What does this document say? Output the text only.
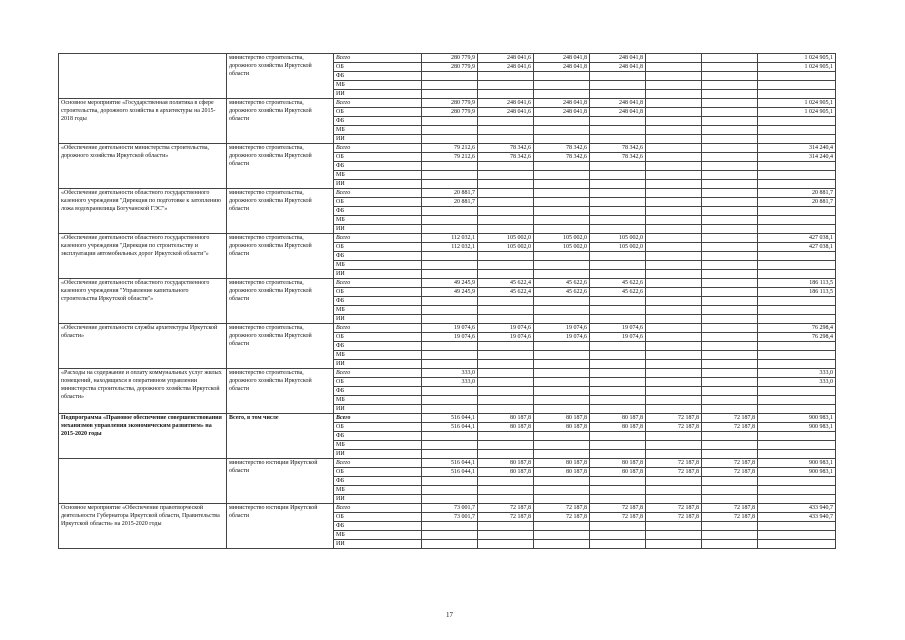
	министерство строительства, дорожного хозяйства Иркутской области	Всего	280 779,9	248 041,6	248 041,8	248 041,8			1 024 905,1
		ОБ	280 779,9	248 041,6	248 041,8	248 041,8			1 024 905,1
		ФБ							
		МБ							
		ИИ							
Основное мероприятие «Государственная политика в сфере строительства, дорожного хозяйства в архитектуры на 2015-2018 годы	министерство строительства, дорожного хозяйства Иркутской области	Всего	280 779,9	248 041,6	248 041,8	248 041,8			1 024 905,1
		ОБ	280 779,9	248 041,6	248 041,8	248 041,8			1 024 905,1
		ФБ							
		МБ							
		ИИ							
«Обеспечение деятельности министерства строительства, дорожного хозяйства Иркутской области»	министерство строительства, дорожного хозяйства Иркутской области	Всего	79 212,6	78 342,6	78 342,6	78 342,6			314 240,4
		ОБ	79 212,6	78 342,6	78 342,6	78 342,6			314 240,4
		ФБ							
		МБ							
		ИИ							
«Обеспечение деятельности областного государственного казенного учреждения "Дирекция по подготовке к затоплению ложа водохранилища Богучанской ГЭС"»	министерство строительства, дорожного хозяйства Иркутской области	Всего	20 881,7						20 881,7
		ОБ	20 881,7						20 881,7
		ФБ							
		МБ							
		ИИ							
«Обеспечение деятельности областного государственного казенного учреждения "Дирекция по строительству и эксплуатации автомобильных дорог Иркутской области"»	министерство строительства, дорожного хозяйства Иркутской области	Всего	112 032,1	105 002,0	105 002,0	105 002,0			427 038,1
		ОБ	112 032,1	105 002,0	105 002,0	105 002,0			427 038,1
		ФБ							
		МБ							
		ИИ							
«Обеспечение деятельности областного государственного казенного учреждения "Управление капитального строительства Иркутской области"»	министерство строительства, дорожного хозяйства Иркутской области	Всего	49 245,9	45 622,4	45 622,6	45 622,6			186 113,5
		ОБ	49 245,9	45 622,4	45 622,6	45 622,6			186 113,5
		ФБ							
		МБ							
		ИИ							
«Обеспечение деятельности службы архитектуры Иркутской области»	министерство строительства, дорожного хозяйства Иркутской области	Всего	19 074,6	19 074,6	19 074,6	19 074,6			76 298,4
		ОБ	19 074,6	19 074,6	19 074,6	19 074,6			76 298,4
		ФБ							
		МБ							
		ИИ							
«Расходы на содержание и оплату коммунальных услуг жилых помещений, находящихся в оперативном управлении министерства строительства, дорожного хозяйства Иркутской области»	министерство строительства, дорожного хозяйства Иркутской области	Всего	333,0						333,0
		ОБ	333,0						333,0
		ФБ							
		МБ							
		ИИ							
Подпрограмма «Правовое обеспечение совершенствования механизмов управления экономическим развитием» на 2015-2020 годы	Всего, в том числе	Всего	516 044,1	80 187,8	80 187,8	80 187,8	72 187,8	72 187,8	900 983,1
		ОБ	516 044,1	80 187,8	80 187,8	80 187,8	72 187,8	72 187,8	900 983,1
		ФБ							
		МБ							
		ИИ							
	министерство юстиции Иркутской области	Всего	516 044,1	80 187,8	80 187,8	80 187,8	72 187,8	72 187,8	900 983,1
		ОБ	516 044,1	80 187,8	80 187,8	80 187,8	72 187,8	72 187,8	900 983,1
		ФБ							
		МБ							
		ИИ							
Основное мероприятие «Обеспечение правотворческой деятельности Губернатора Иркутской области, Правительства Иркутской области» на 2015-2020 годы	министерство юстиции Иркутской области	Всего	73 001,7	72 187,8	72 187,8	72 187,8	72 187,8	72 187,8	433 940,7
		ОБ	73 001,7	72 187,8	72 187,8	72 187,8	72 187,8	72 187,8	433 940,7
		ФБ							
		МБ							
		ИИ							
17
